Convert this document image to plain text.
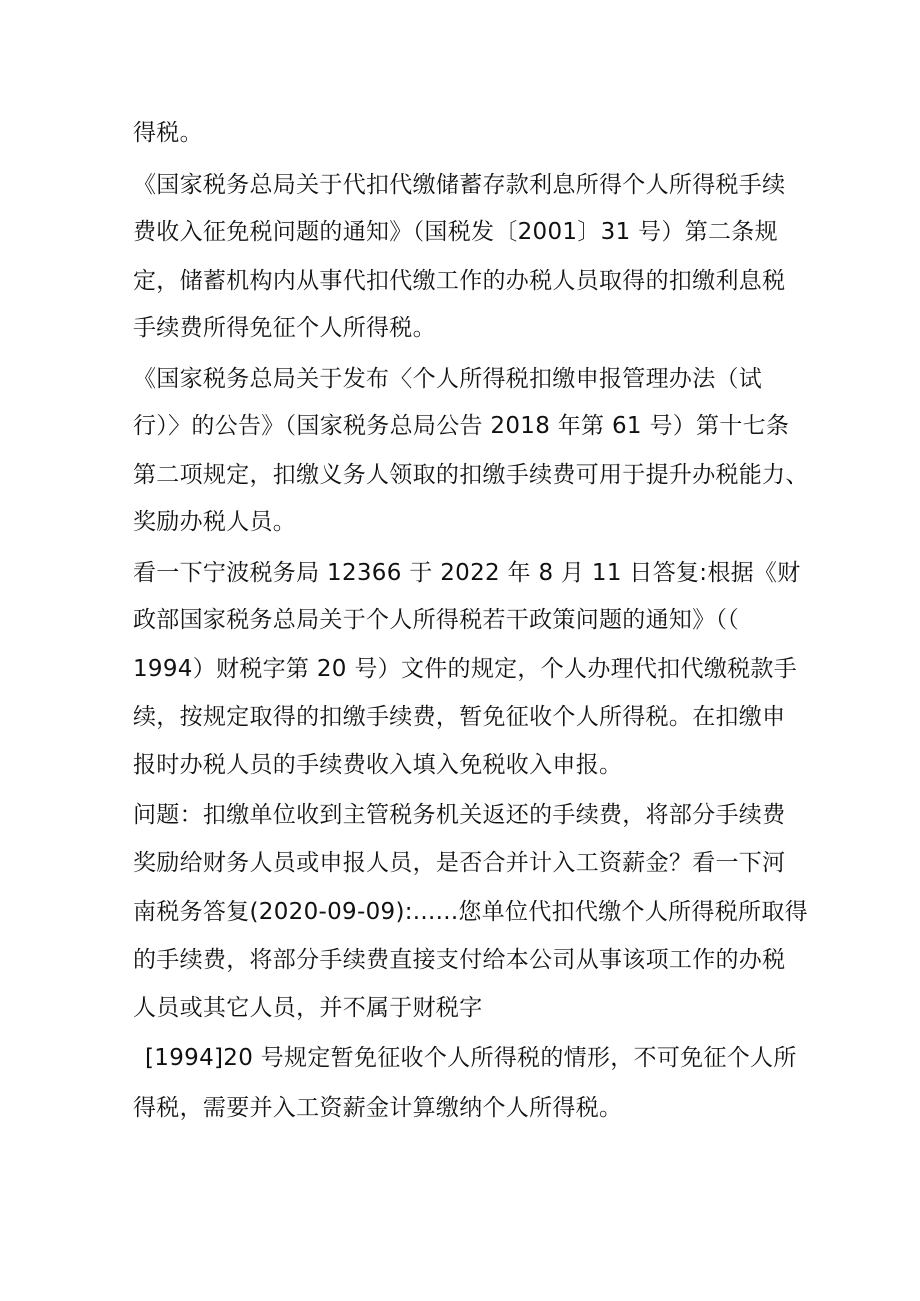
得税。
《国家税务总局关于代扣代缴储蓄存款利息所得个人所得税手续
费收入征免税问题的通知》（国税发〔2001〕31 号）第二条规
定，储蓄机构内从事代扣代缴工作的办税人员取得的扣缴利息税
手续费所得免征个人所得税。
《国家税务总局关于发布〈个人所得税扣缴申报管理办法（试
行）〉的公告》（国家税务总局公告 2018 年第 61 号）第十七条
第二项规定，扣缴义务人领取的扣缴手续费可用于提升办税能力、
奖励办税人员。
看一下宁波税务局 12366 于 2022 年 8 月 11 日答复:根据《财
政部国家税务总局关于个人所得税若干政策问题的通知》（（
1994）财税字第 20 号）文件的规定，个人办理代扣代缴税款手
续，按规定取得的扣缴手续费，暂免征收个人所得税。在扣缴申
报时办税人员的手续费收入填入免税收入申报。
问题：扣缴单位收到主管税务机关返还的手续费，将部分手续费
奖励给财务人员或申报人员，是否合并计入工资薪金？看一下河
南税务答复(2020-09-09):......您单位代扣代缴个人所得税所取得
的手续费，将部分手续费直接支付给本公司从事该项工作的办税
人员或其它人员，并不属于财税字
[1994]20 号规定暂免征收个人所得税的情形，不可免征个人所
得税，需要并入工资薪金计算缴纳个人所得税。
